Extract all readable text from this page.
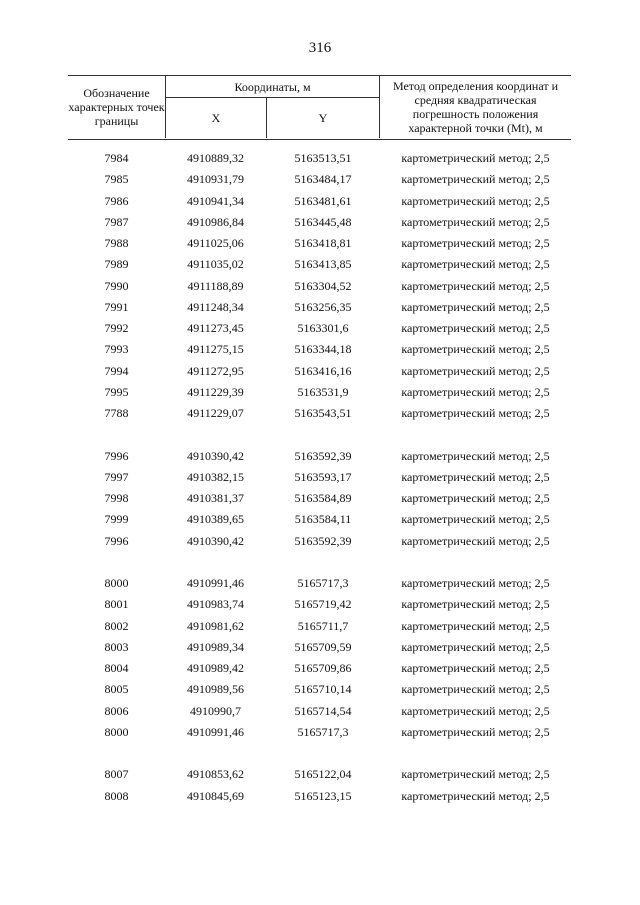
316
Обозначение характерных точек границы
Координаты, м
X	Y
Метод определения координат и средняя квадратическая погрешность положения характерной точки (Mt), м
7984	4910889,32	5163513,51	картометрический метод; 2,5
7985	4910931,79	5163484,17	картометрический метод; 2,5
7986	4910941,34	5163481,61	картометрический метод; 2,5
7987	4910986,84	5163445,48	картометрический метод; 2,5
7988	4911025,06	5163418,81	картометрический метод; 2,5
7989	4911035,02	5163413,85	картометрический метод; 2,5
7990	4911188,89	5163304,52	картометрический метод; 2,5
7991	4911248,34	5163256,35	картометрический метод; 2,5
7992	4911273,45	5163301,6	картометрический метод; 2,5
7993	4911275,15	5163344,18	картометрический метод; 2,5
7994	4911272,95	5163416,16	картометрический метод; 2,5
7995	4911229,39	5163531,9	картометрический метод; 2,5
7788	4911229,07	5163543,51	картометрический метод; 2,5
7996	4910390,42	5163592,39	картометрический метод; 2,5
7997	4910382,15	5163593,17	картометрический метод; 2,5
7998	4910381,37	5163584,89	картометрический метод; 2,5
7999	4910389,65	5163584,11	картометрический метод; 2,5
7996	4910390,42	5163592,39	картометрический метод; 2,5
8000	4910991,46	5165717,3	картометрический метод; 2,5
8001	4910983,74	5165719,42	картометрический метод; 2,5
8002	4910981,62	5165711,7	картометрический метод; 2,5
8003	4910989,34	5165709,59	картометрический метод; 2,5
8004	4910989,42	5165709,86	картометрический метод; 2,5
8005	4910989,56	5165710,14	картометрический метод; 2,5
8006	4910990,7	5165714,54	картометрический метод; 2,5
8000	4910991,46	5165717,3	картометрический метод; 2,5
8007	4910853,62	5165122,04	картометрический метод; 2,5
8008	4910845,69	5165123,15	картометрический метод; 2,5
